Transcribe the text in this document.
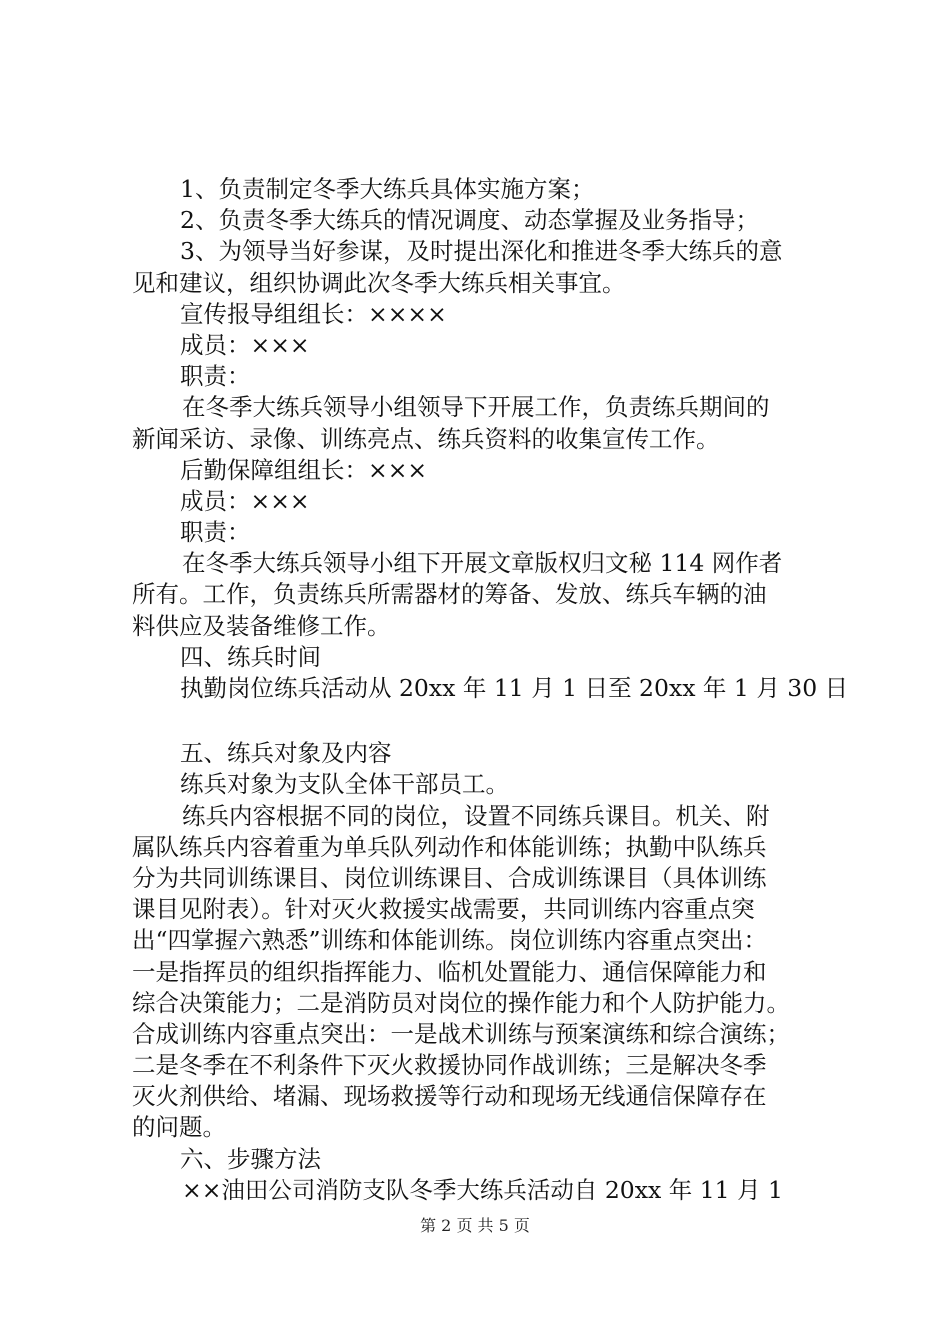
1、负责制定冬季大练兵具体实施方案；
2、负责冬季大练兵的情况调度、动态掌握及业务指导；
3、为领导当好参谋，及时提出深化和推进冬季大练兵的意
见和建议，组织协调此次冬季大练兵相关事宜。
宣传报导组组长：××××
成员：×××
职责：
在冬季大练兵领导小组领导下开展工作，负责练兵期间的
新闻采访、录像、训练亮点、练兵资料的收集宣传工作。
后勤保障组组长：×××
成员：×××
职责：
在冬季大练兵领导小组下开展文章版权归文秘 114 网作者
所有。工作，负责练兵所需器材的筹备、发放、练兵车辆的油
料供应及装备维修工作。
四、练兵时间
执勤岗位练兵活动从 20xx 年 11 月 1 日至 20xx 年 1 月 30 日
五、练兵对象及内容
练兵对象为支队全体干部员工。
练兵内容根据不同的岗位，设置不同练兵课目。机关、附
属队练兵内容着重为单兵队列动作和体能训练；执勤中队练兵
分为共同训练课目、岗位训练课目、合成训练课目（具体训练
课目见附表）。针对灭火救援实战需要，共同训练内容重点突
出“四掌握六熟悉”训练和体能训练。岗位训练内容重点突出：
一是指挥员的组织指挥能力、临机处置能力、通信保障能力和
综合决策能力；二是消防员对岗位的操作能力和个人防护能力。
合成训练内容重点突出：一是战术训练与预案演练和综合演练；
二是冬季在不利条件下灭火救援协同作战训练；三是解决冬季
灭火剂供给、堵漏、现场救援等行动和现场无线通信保障存在
的问题。
六、步骤方法
××油田公司消防支队冬季大练兵活动自 20xx 年 11 月 1
第 2 页 共 5 页
